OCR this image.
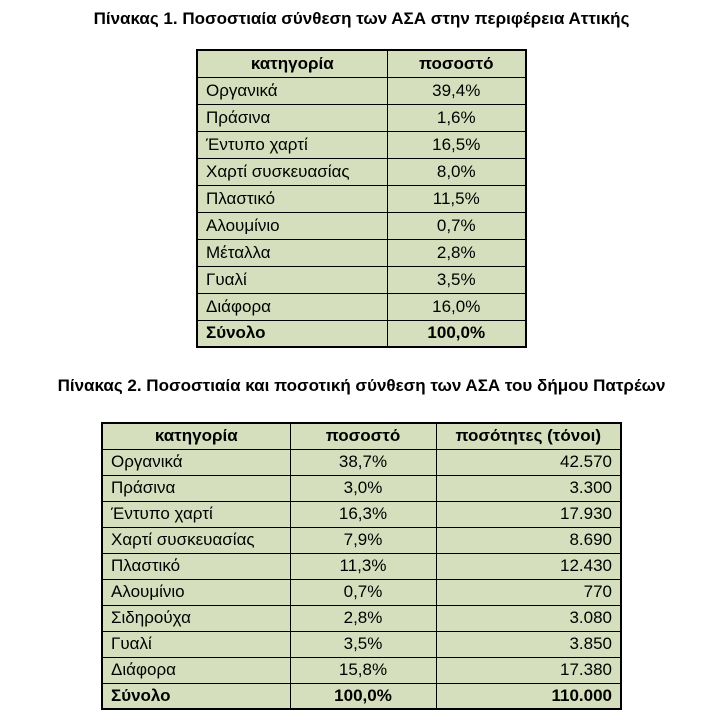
Πίνακας 1. Ποσοστιαία σύνθεση των ΑΣΑ στην περιφέρεια Αττικής
κατηγορία	ποσοστό
Οργανικά	39,4%
Πράσινα	1,6%
Έντυπο χαρτί	16,5%
Χαρτί συσκευασίας	8,0%
Πλαστικό	11,5%
Αλουμίνιο	0,7%
Μέταλλα	2,8%
Γυαλί	3,5%
Διάφορα	16,0%
Σύνολο	100,0%
Πίνακας 2. Ποσοστιαία και ποσοτική σύνθεση των ΑΣΑ του δήμου Πατρέων
κατηγορία	ποσοστό	ποσότητες (τόνοι)
Οργανικά	38,7%	42.570
Πράσινα	3,0%	3.300
Έντυπο χαρτί	16,3%	17.930
Χαρτί συσκευασίας	7,9%	8.690
Πλαστικό	11,3%	12.430
Αλουμίνιο	0,7%	770
Σιδηρούχα	2,8%	3.080
Γυαλί	3,5%	3.850
Διάφορα	15,8%	17.380
Σύνολο	100,0%	110.000
